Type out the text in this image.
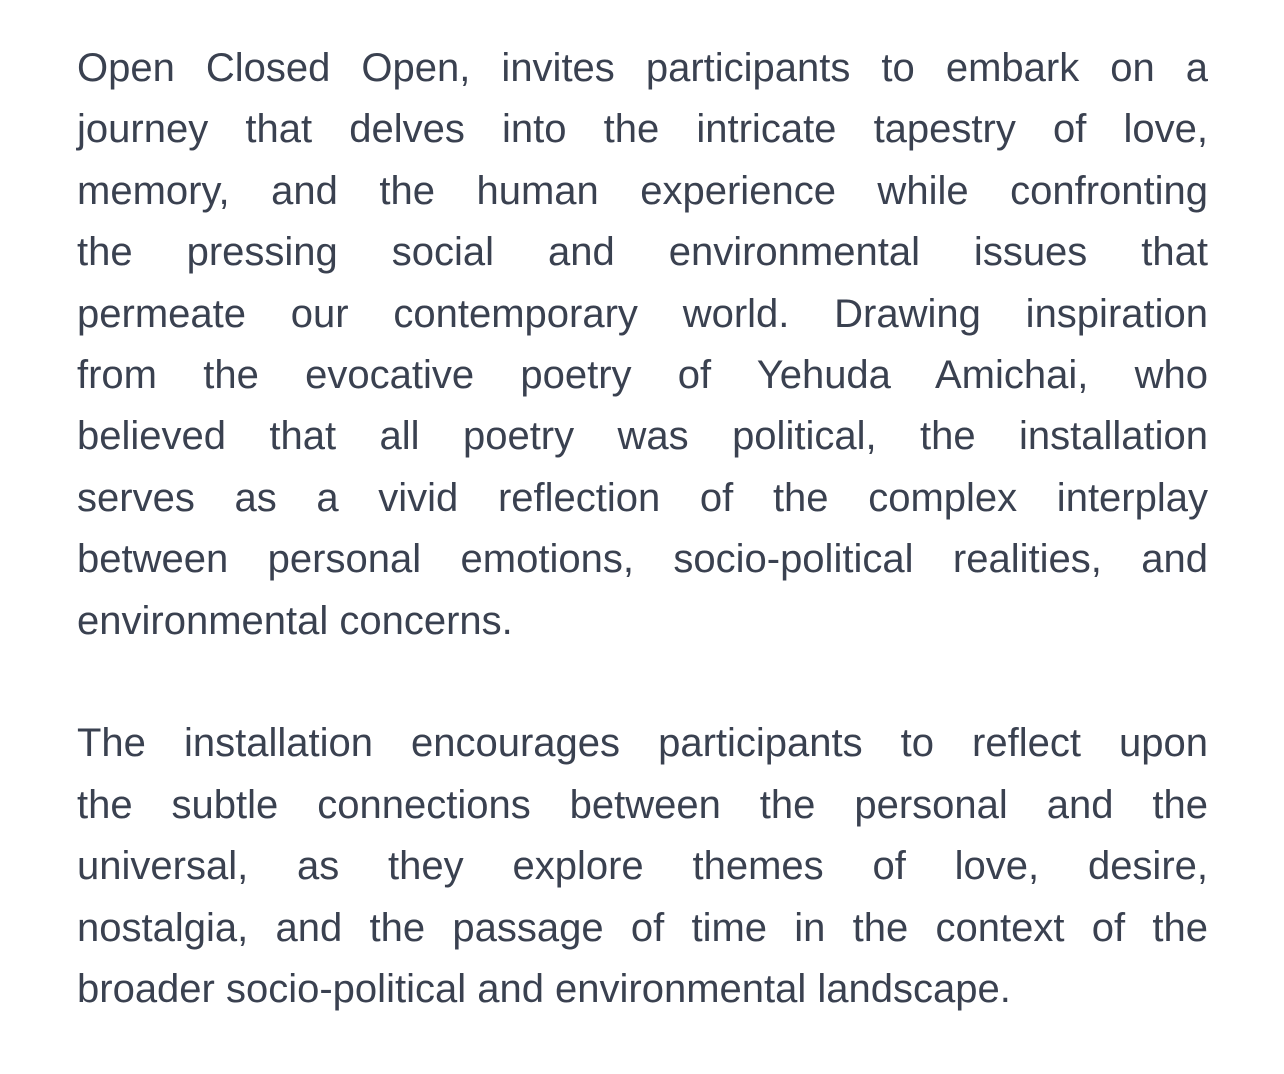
Open Closed Open, invites participants to embark on a
journey that delves into the intricate tapestry of love,
memory, and the human experience while confronting
the pressing social and environmental issues that
permeate our contemporary world. Drawing inspiration
from the evocative poetry of Yehuda Amichai, who
believed that all poetry was political, the installation
serves as a vivid reflection of the complex interplay
between personal emotions, socio-political realities, and
environmental concerns.

The installation encourages participants to reflect upon
the subtle connections between the personal and the
universal, as they explore themes of love, desire,
nostalgia, and the passage of time in the context of the
broader socio-political and environmental landscape.
